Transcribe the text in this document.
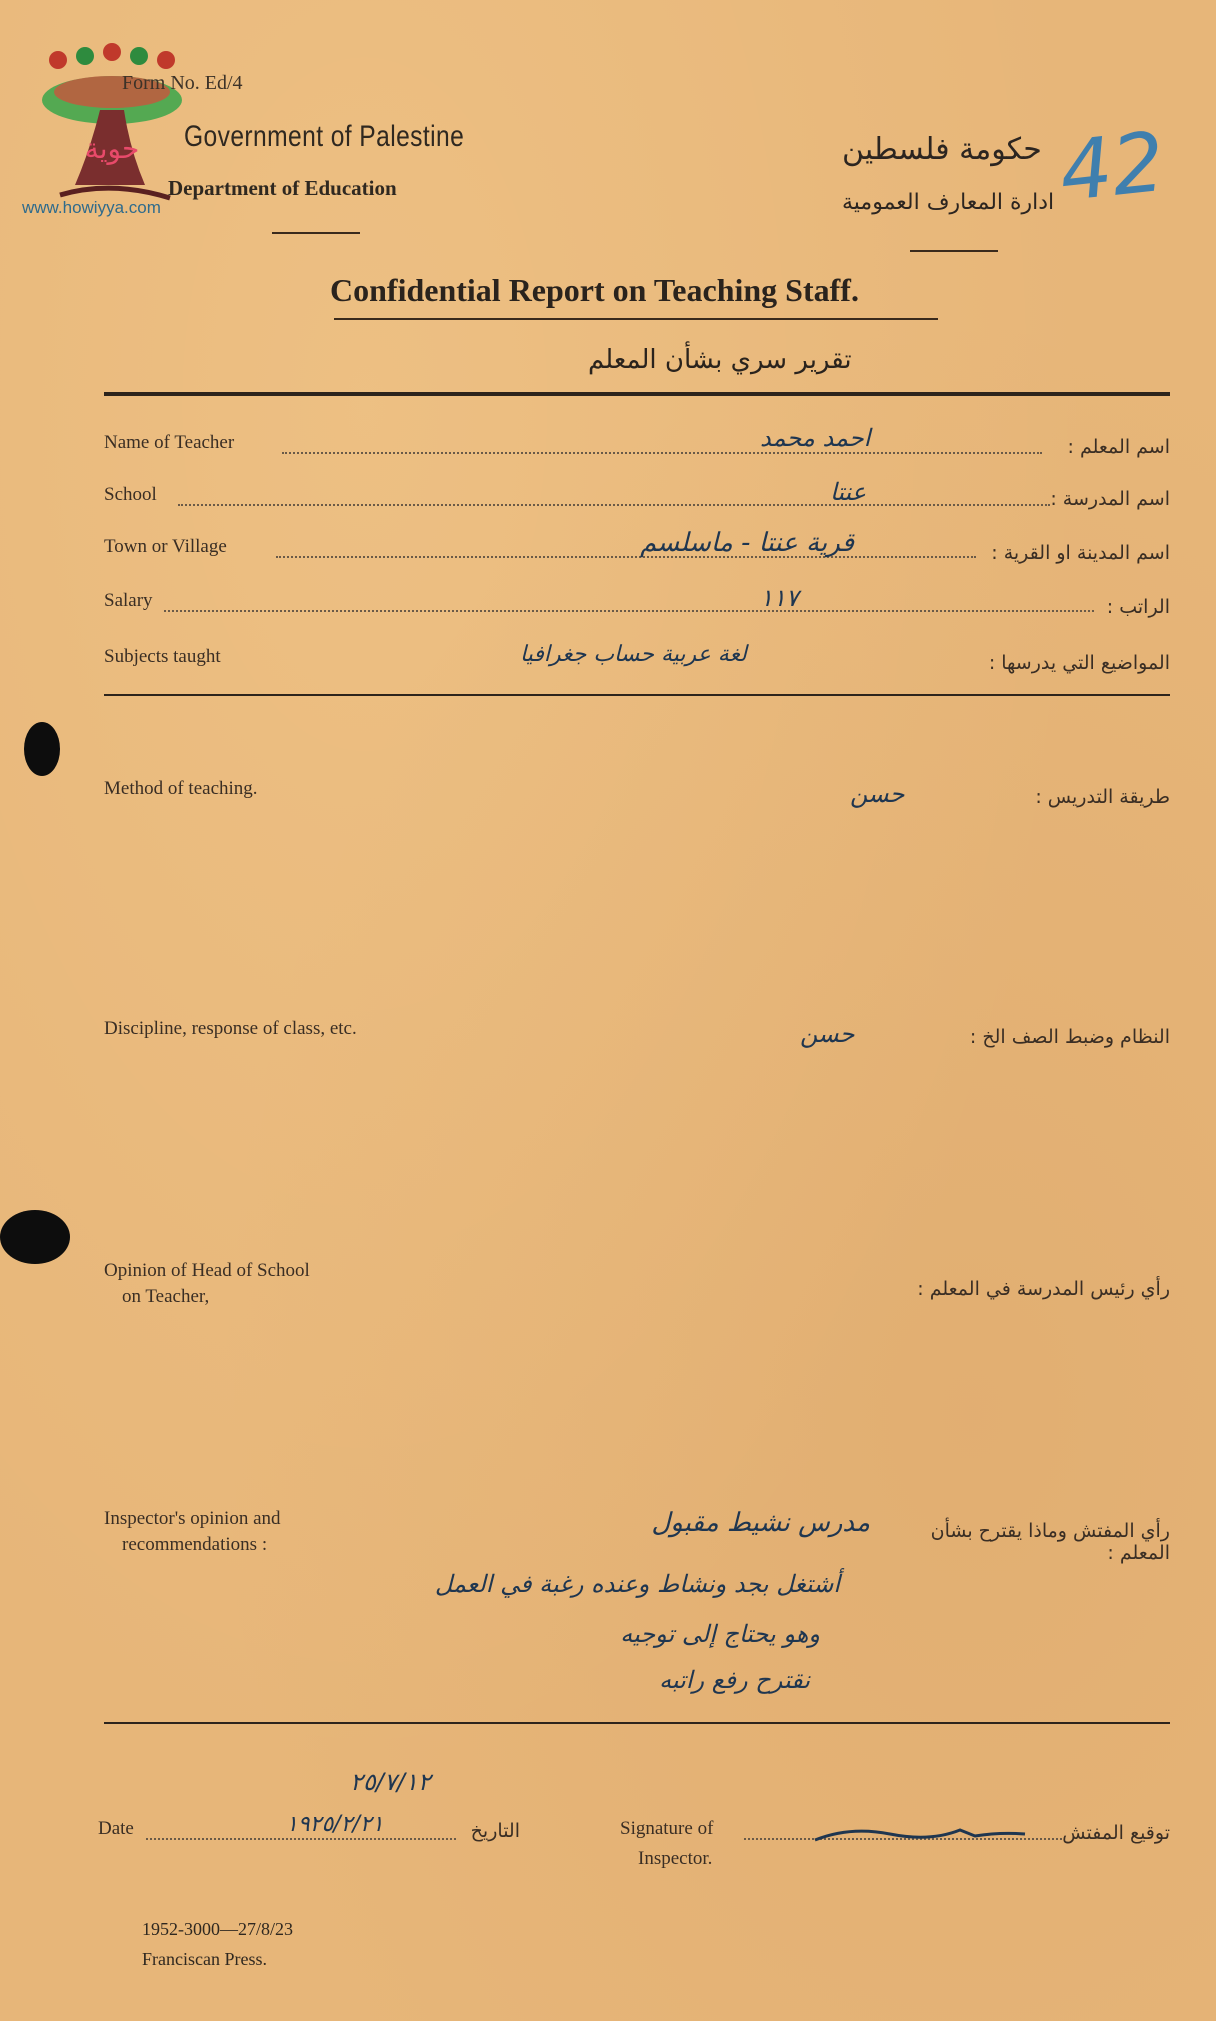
حوية
www.howiyya.com
Form No. Ed/4
Government of Palestine
Department of Education
حكومة فلسطين
ادارة المعارف العمومية 42
Confidential Report on Teaching Staff.
تقرير سري بشأن المعلم
Name of Teacher	احمد محمد	اسم المعلم :
School	عنتا	اسم المدرسة :
Town or Village	قرية عنتا - ماسلسم	اسم المدينة او القرية :
Salary	١١٧	الراتب :
Subjects taught	لغة عربية حساب جغرافيا	المواضيع التي يدرسها :
Method of teaching.	حسن	طريقة التدريس :
Discipline, response of class, etc.	حسن	النظام وضبط الصف الخ :
Opinion of Head of School
on Teacher,	رأي رئيس المدرسة في المعلم :
Inspector's opinion and
recommendations :
رأي المفتش وماذا يقترح بشأن المعلم :
مدرس نشيط مقبول
أشتغل بجد ونشاط وعنده رغبة في العمل
وهو يحتاج إلى توجيه
نقترح رفع راتبه
٢٥/٧/١٢
Date	١٩٢٥/٢/٢١	التاريخ	Signature of
Inspector.
توقيع المفتش
1952-3000—27/8/23
Franciscan Press.
